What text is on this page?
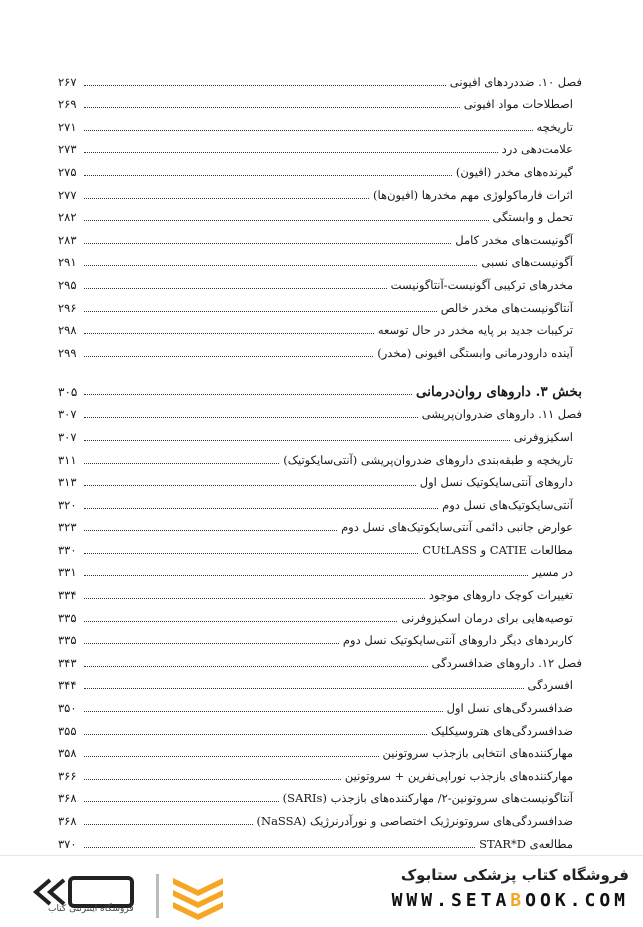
فصل ۱۰. ضددردهای افیونی
۲۶۷
اصطلاحات مواد افیونی
۲۶۹
تاریخچه
۲۷۱
علامت‌دهی درد
۲۷۳
گیرنده‌های مخدر (افیون)
۲۷۵
اثرات فارماکولوژی مهم مخدرها (افیون‌ها)
۲۷۷
تحمل و وابستگی
۲۸۲
آگونیست‌های مخدر کامل
۲۸۳
آگونیست‌های نسبی
۲۹۱
مخدرهای ترکیبی آگونیست-آنتاگونیست
۲۹۵
آنتاگونیست‌های مخدر خالص
۲۹۶
ترکیبات جدید بر پایه مخدر در حال توسعه
۲۹۸
آینده دارودرمانی وابستگی افیونی (مخدر)
۲۹۹
بخش ۳. داروهای روان‌درمانی
۳۰۵
فصل ۱۱. داروهای ضدروان‌پریشی
۳۰۷
اسکیزوفرنی
۳۰۷
تاریخچه و طبقه‌بندی داروهای ضدروان‌پریشی (آنتی‌سایکوتیک)
۳۱۱
داروهای آنتی‌سایکوتیک نسل اول
۳۱۳
آنتی‌سایکوتیک‌های نسل دوم
۳۲۰
عوارض جانبی دائمی آنتی‌سایکوتیک‌های نسل دوم
۳۲۳
مطالعات CATIE و CUtLASS
۳۳۰
در مسیر
۳۳۱
تغییرات کوچک داروهای موجود
۳۳۴
توصیه‌هایی برای درمان اسکیزوفرنی
۳۳۵
کاربردهای دیگر داروهای آنتی‌سایکوتیک نسل دوم
۳۳۵
فصل ۱۲. داروهای ضدافسردگی
۳۴۳
افسردگی
۳۴۴
ضدافسردگی‌های نسل اول
۳۵۰
ضدافسردگی‌های هتروسیکلیک
۳۵۵
مهارکننده‌های انتخابی بازجذب سروتونین
۳۵۸
مهارکننده‌های بازجذب نوراپی‌نفرین + سروتونین
۳۶۶
آنتاگونیست‌های سروتونین-۲/ مهارکننده‌های بازجذب (SARIs)
۳۶۸
ضدافسردگی‌های سروتونرژیک اختصاصی و نورآدرنرژیک (NaSSA)
۳۶۸
مطالعه‌ی STAR*D
۳۷۰
فروشگاه اینترنتی کتاب
فروشگاه کتاب پزشکی ستابوک
WWW.SETABOOK.COM
